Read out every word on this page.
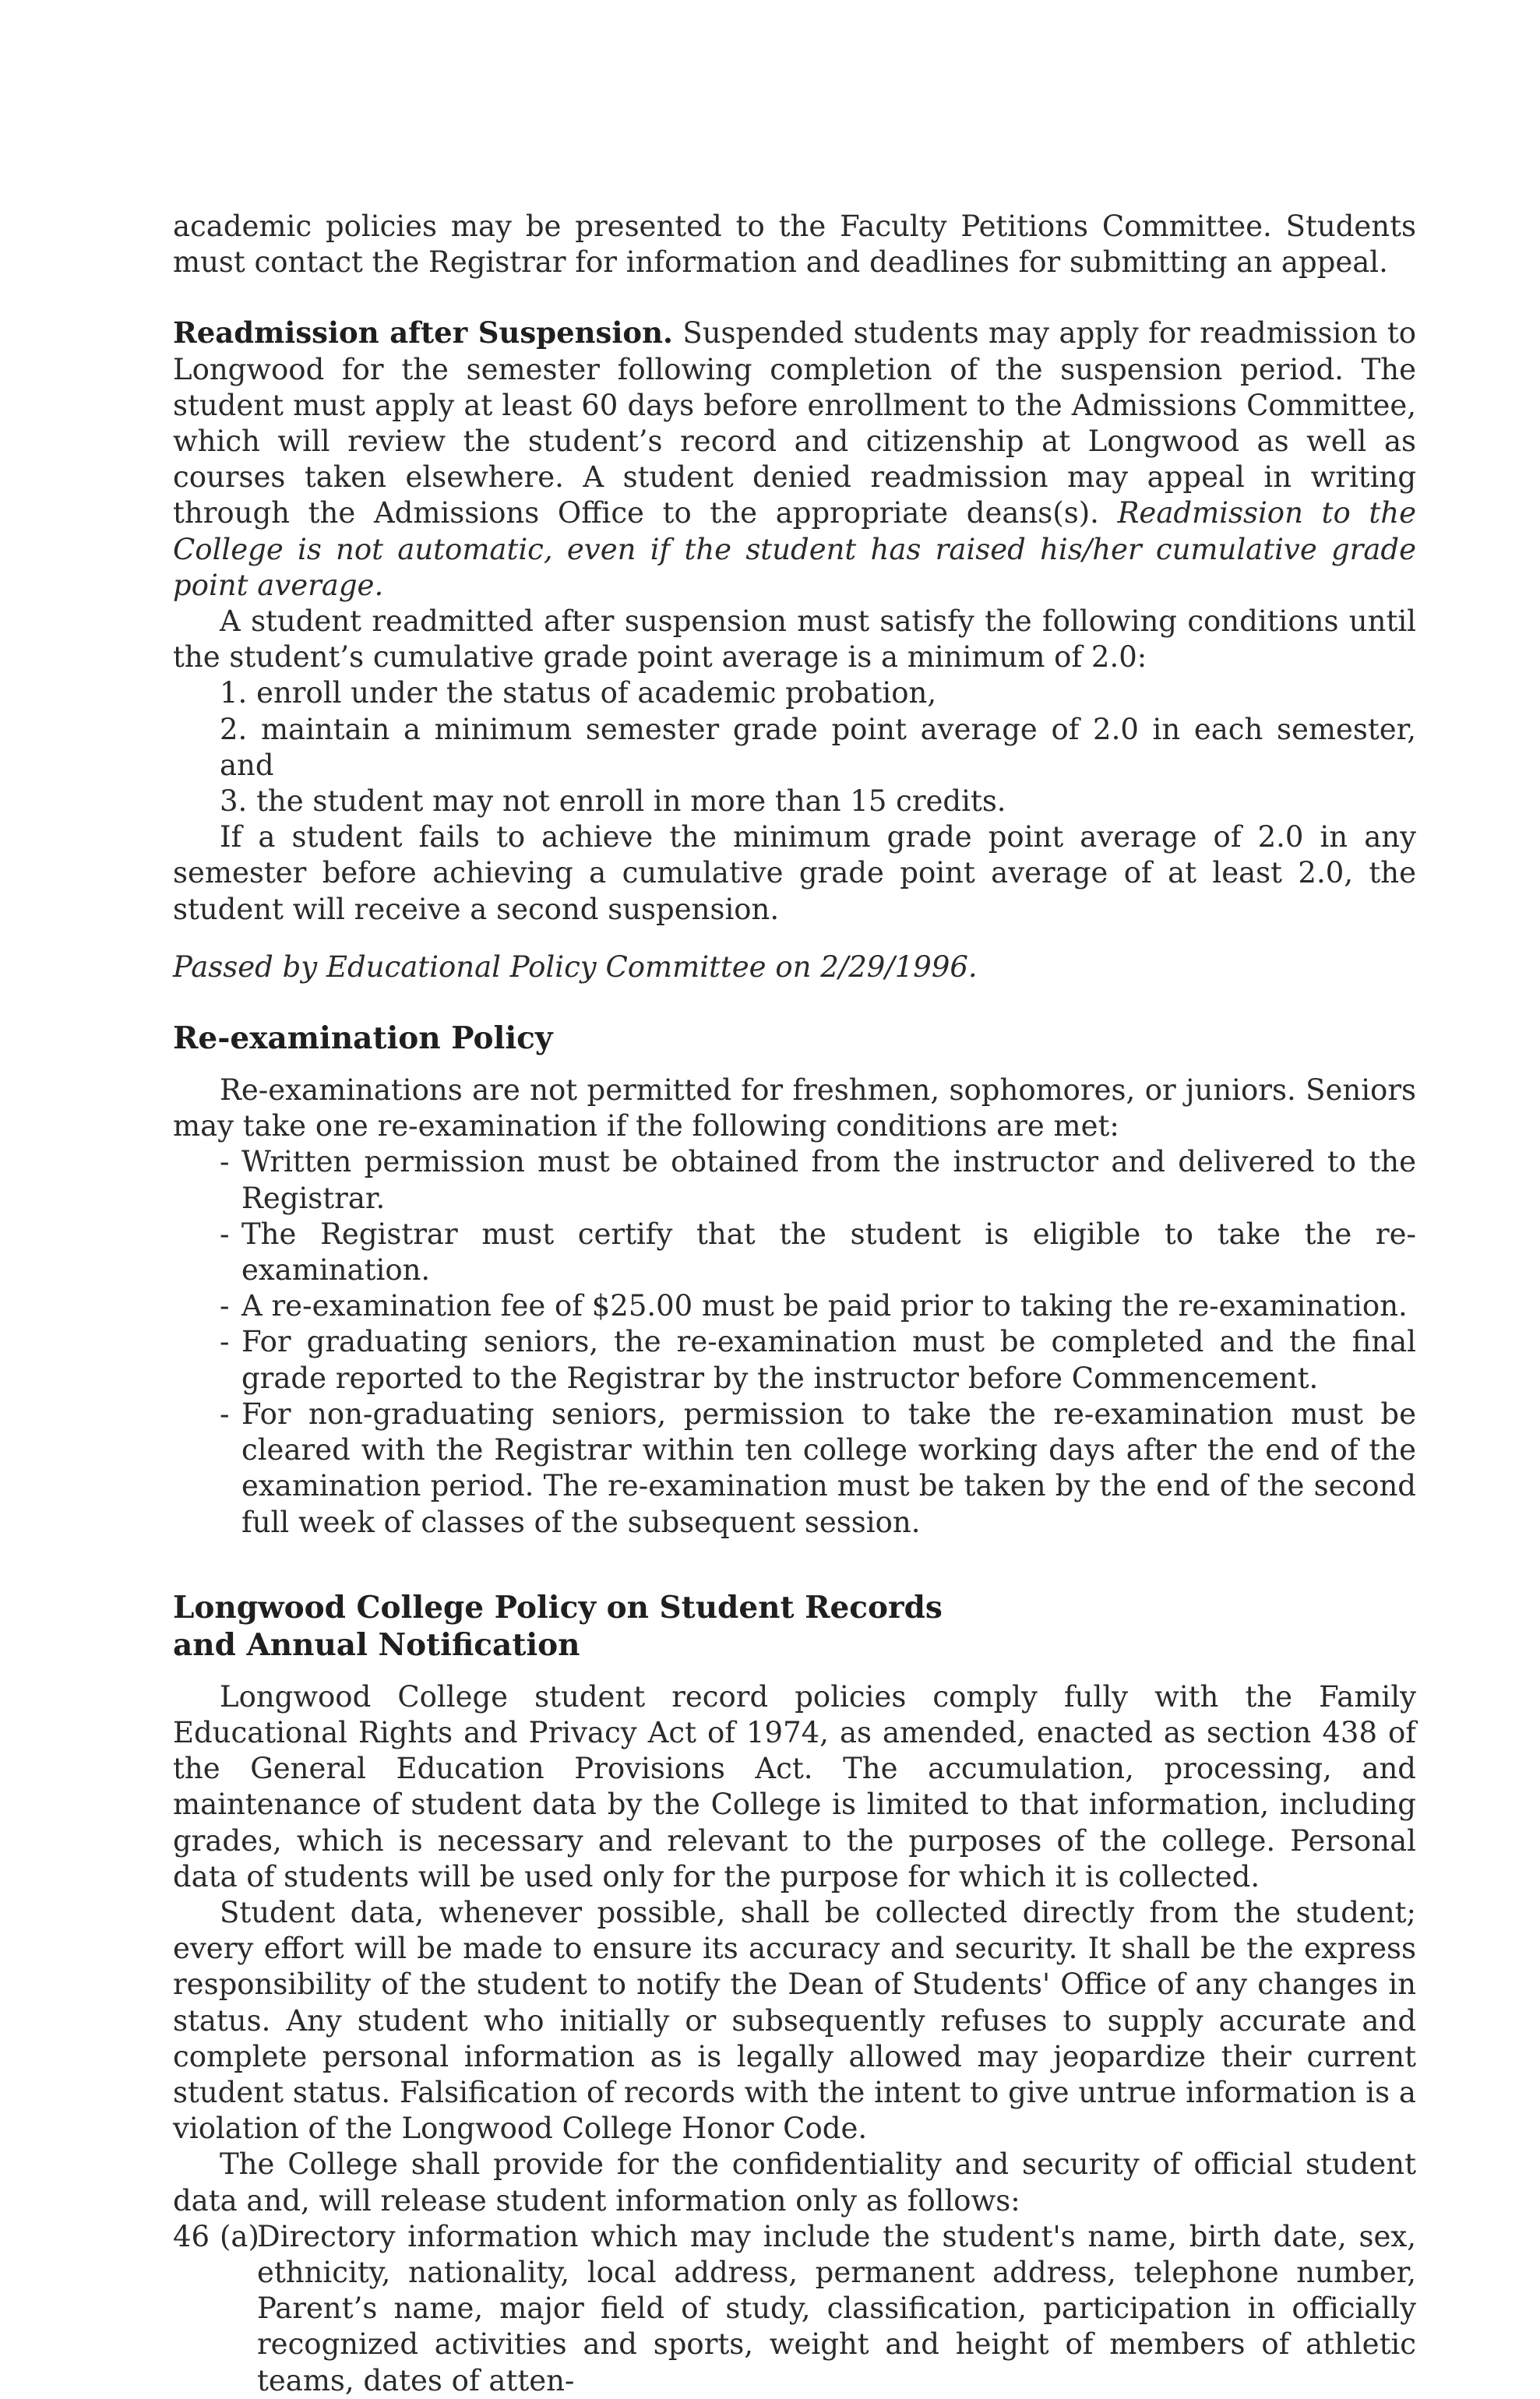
academic policies may be presented to the Faculty Petitions Committee. Students must contact the Registrar for information and deadlines for submitting an appeal.

Readmission after Suspension. Suspended students may apply for readmission to Longwood for the semester following completion of the suspension period. The student must apply at least 60 days before enrollment to the Admissions Committee, which will review the student’s record and citizenship at Longwood as well as courses taken elsewhere. A student denied readmission may appeal in writing through the Admissions Office to the appropriate deans(s). Readmission to the College is not automatic, even if the student has raised his/her cumulative grade point average.

A student readmitted after suspension must satisfy the following conditions until the student’s cumulative grade point average is a minimum of 2.0:

1. enroll under the status of academic probation,
2. maintain a minimum semester grade point average of 2.0 in each semester, and
3. the student may not enroll in more than 15 credits.

If a student fails to achieve the minimum grade point average of 2.0 in any semester before achieving a cumulative grade point average of at least 2.0, the student will receive a second suspension.

Passed by Educational Policy Committee on 2/29/1996.

Re-examination Policy

Re-examinations are not permitted for freshmen, sophomores, or juniors. Seniors may take one re-examination if the following conditions are met:

- Written permission must be obtained from the instructor and delivered to the Registrar.
- The Registrar must certify that the student is eligible to take the re-examination.
- A re-examination fee of $25.00 must be paid prior to taking the re-examination.
- For graduating seniors, the re-examination must be completed and the final grade reported to the Registrar by the instructor before Commencement.
- For non-graduating seniors, permission to take the re-examination must be cleared with the Registrar within ten college working days after the end of the examination period. The re-examination must be taken by the end of the second full week of classes of the subsequent session.
Longwood College Policy on Student Records
and Annual Notification

Longwood College student record policies comply fully with the Family Educational Rights and Privacy Act of 1974, as amended, enacted as section 438 of the General Education Provisions Act. The accumulation, processing, and maintenance of student data by the College is limited to that information, including grades, which is necessary and relevant to the purposes of the college. Personal data of students will be used only for the purpose for which it is collected.

Student data, whenever possible, shall be collected directly from the student; every effort will be made to ensure its accuracy and security. It shall be the express responsibility of the student to notify the Dean of Students' Office of any changes in status. Any student who initially or subsequently refuses to supply accurate and complete personal information as is legally allowed may jeopardize their current student status. Falsification of records with the intent to give untrue information is a violation of the Longwood College Honor Code.

The College shall provide for the confidentiality and security of official student data and, will release student information only as follows:

(a)
Directory information which may include the student's name, birth date, sex, ethnicity, nationality, local address, permanent address, telephone number, Parent’s name, major field of study, classification, participation in officially recognized activities and sports, weight and height of members of athletic teams, dates of atten-
46
